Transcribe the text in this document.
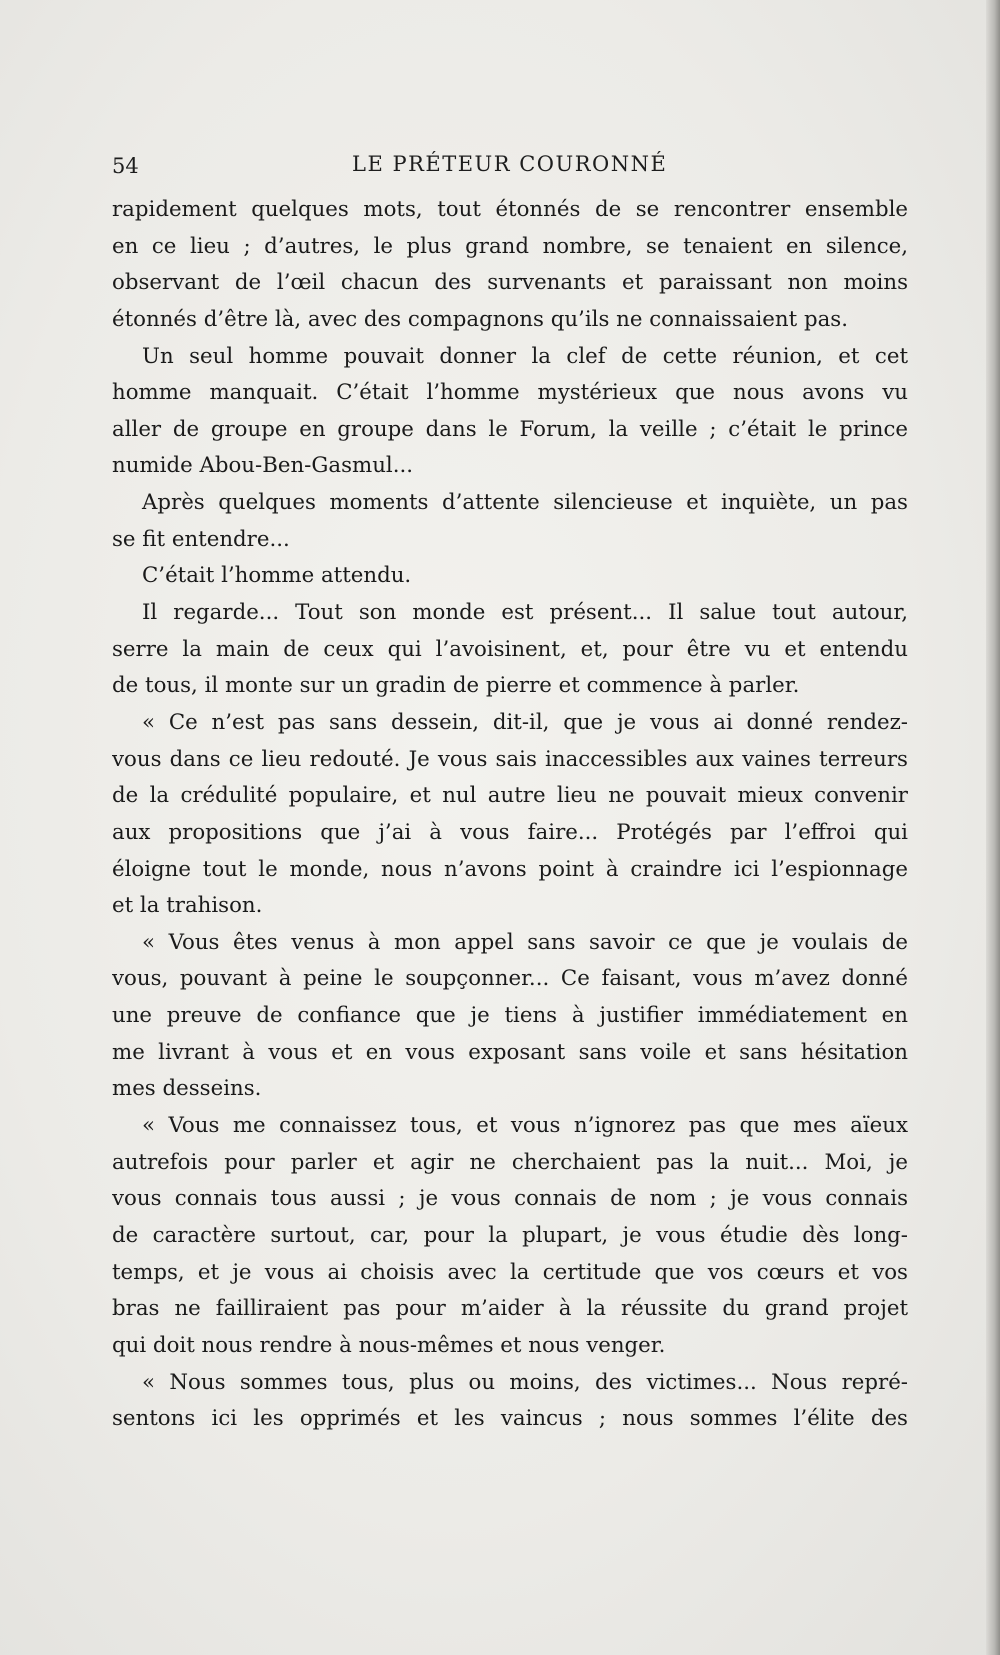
54	LE PRÉTEUR COURONNÉ
rapidement quelques mots, tout étonnés de se rencontrer ensemble
en ce lieu ; d’autres, le plus grand nombre, se tenaient en silence,
observant de l’œil chacun des survenants et paraissant non moins
étonnés d’être là, avec des compagnons qu’ils ne connaissaient pas.
Un seul homme pouvait donner la clef de cette réunion, et cet
homme manquait. C’était l’homme mystérieux que nous avons vu
aller de groupe en groupe dans le Forum, la veille ; c’était le prince
numide Abou-Ben-Gasmul...
Après quelques moments d’attente silencieuse et inquiète, un pas
se fit entendre...
C’était l’homme attendu.
Il regarde... Tout son monde est présent... Il salue tout autour,
serre la main de ceux qui l’avoisinent, et, pour être vu et entendu
de tous, il monte sur un gradin de pierre et commence à parler.
« Ce n’est pas sans dessein, dit-il, que je vous ai donné rendez-
vous dans ce lieu redouté. Je vous sais inaccessibles aux vaines terreurs
de la crédulité populaire, et nul autre lieu ne pouvait mieux convenir
aux propositions que j’ai à vous faire... Protégés par l’effroi qui
éloigne tout le monde, nous n’avons point à craindre ici l’espionnage
et la trahison.
« Vous êtes venus à mon appel sans savoir ce que je voulais de
vous, pouvant à peine le soupçonner... Ce faisant, vous m’avez donné
une preuve de confiance que je tiens à justifier immédiatement en
me livrant à vous et en vous exposant sans voile et sans hésitation
mes desseins.
« Vous me connaissez tous, et vous n’ignorez pas que mes aïeux
autrefois pour parler et agir ne cherchaient pas la nuit... Moi, je
vous connais tous aussi ; je vous connais de nom ; je vous connais
de caractère surtout, car, pour la plupart, je vous étudie dès long-
temps, et je vous ai choisis avec la certitude que vos cœurs et vos
bras ne failliraient pas pour m’aider à la réussite du grand projet
qui doit nous rendre à nous-mêmes et nous venger.
« Nous sommes tous, plus ou moins, des victimes... Nous repré-
sentons ici les opprimés et les vaincus ; nous sommes l’élite des
